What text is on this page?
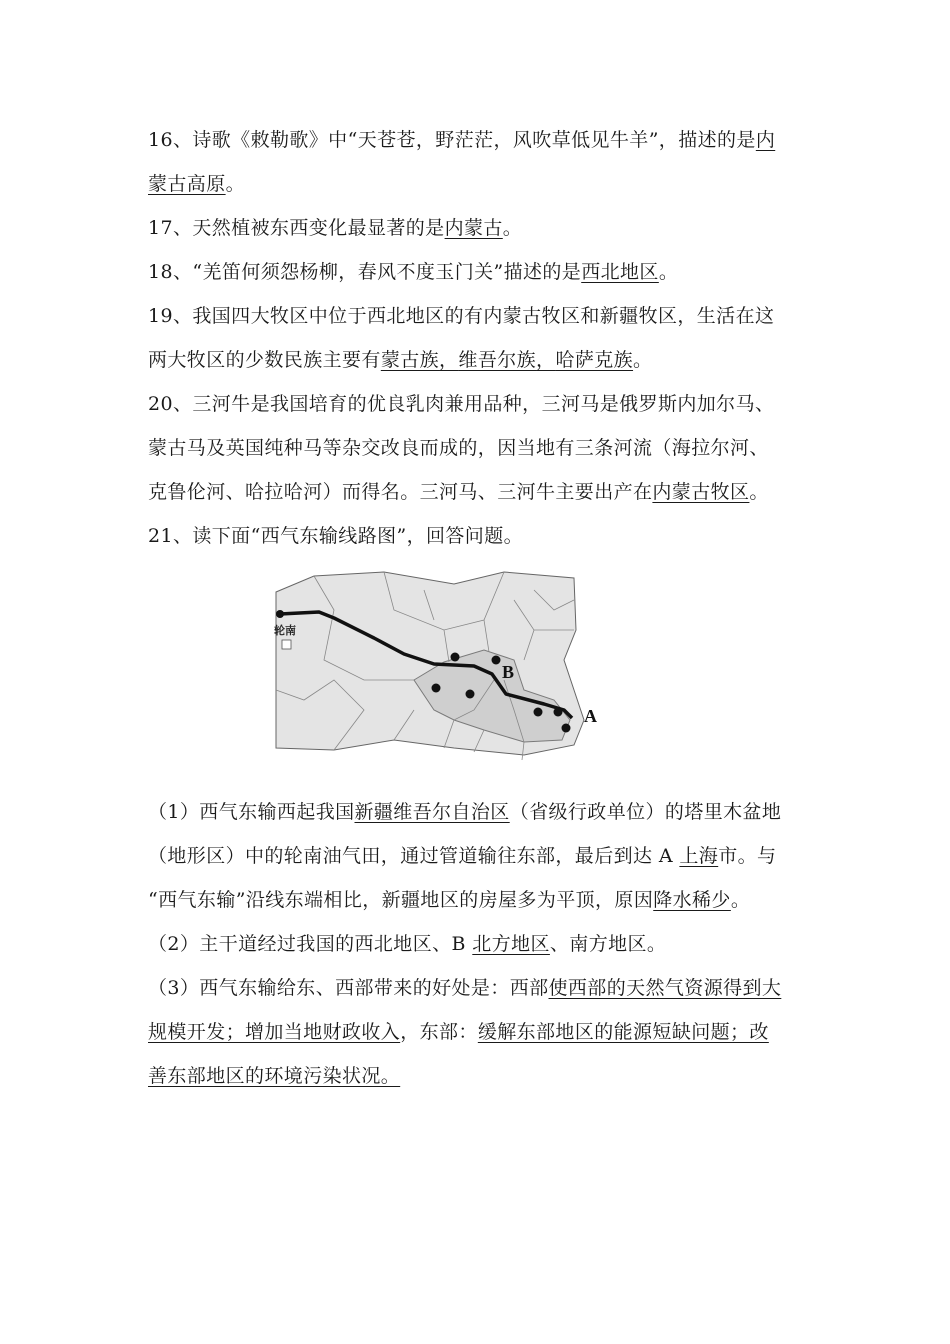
16、诗歌《敕勒歌》中“天苍苍，野茫茫，风吹草低见牛羊”，描述的是内
蒙古高原。
17、天然植被东西变化最显著的是内蒙古。
18、“羌笛何须怨杨柳，春风不度玉门关”描述的是西北地区。
19、我国四大牧区中位于西北地区的有内蒙古牧区和新疆牧区，生活在这
两大牧区的少数民族主要有蒙古族，维吾尔族，哈萨克族。
20、三河牛是我国培育的优良乳肉兼用品种，三河马是俄罗斯内加尔马、
蒙古马及英国纯种马等杂交改良而成的，因当地有三条河流（海拉尔河、
克鲁伦河、哈拉哈河）而得名。三河马、三河牛主要出产在内蒙古牧区。
21、读下面“西气东输线路图”，回答问题。
轮南
B
A
（1）西气东输西起我国新疆维吾尔自治区（省级行政单位）的塔里木盆地
（地形区）中的轮南油气田，通过管道输往东部，最后到达 A 上海市。与
“西气东输”沿线东端相比，新疆地区的房屋多为平顶，原因降水稀少。
（2）主干道经过我国的西北地区、B 北方地区、南方地区。
（3）西气东输给东、西部带来的好处是：西部使西部的天然气资源得到大
规模开发；增加当地财政收入，东部：缓解东部地区的能源短缺问题；改
善东部地区的环境污染状况。
